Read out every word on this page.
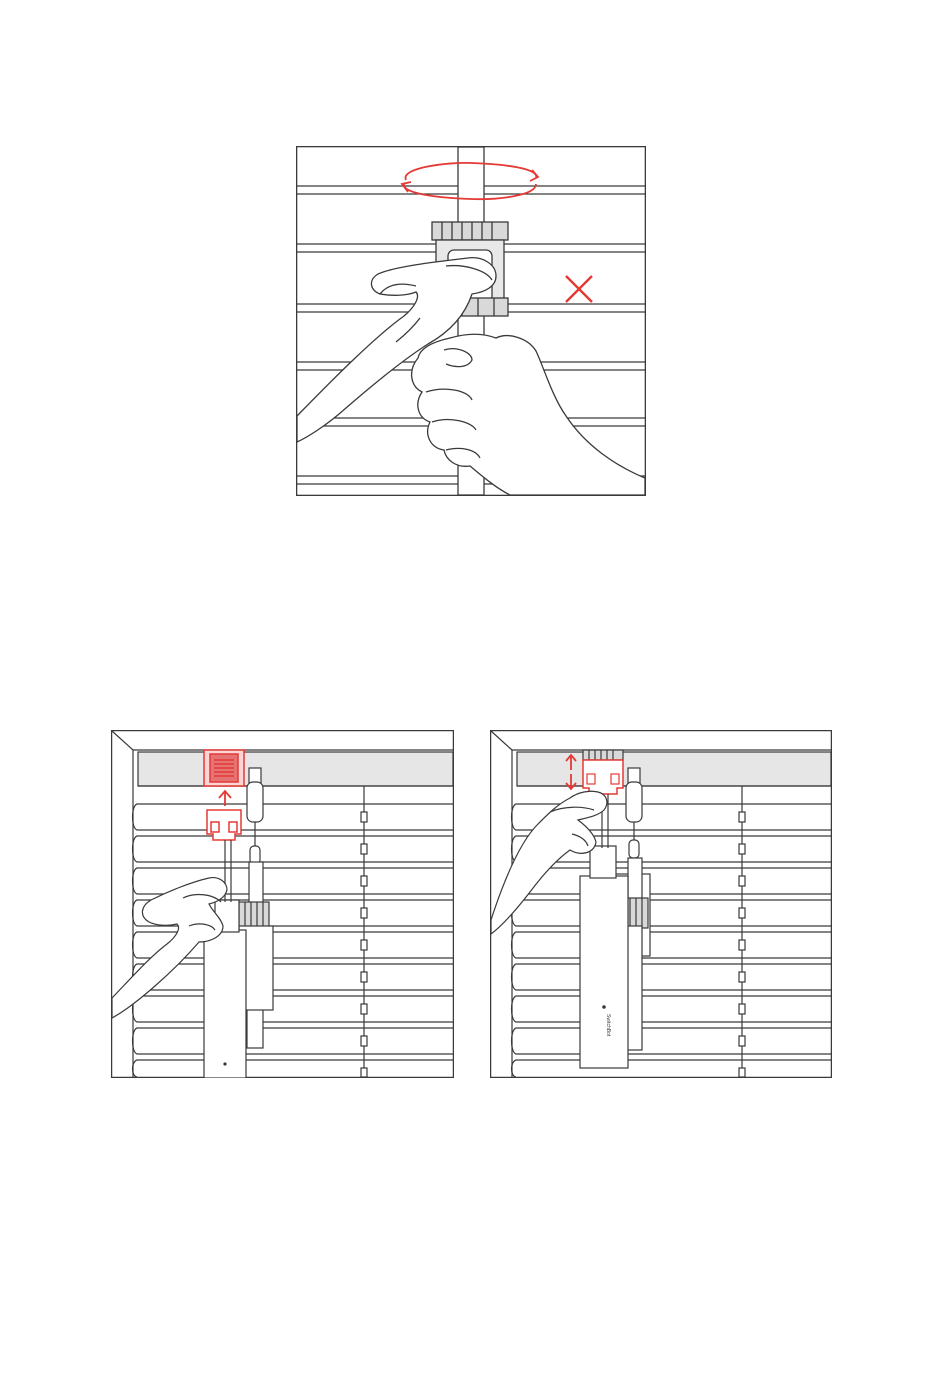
SwitchBot
